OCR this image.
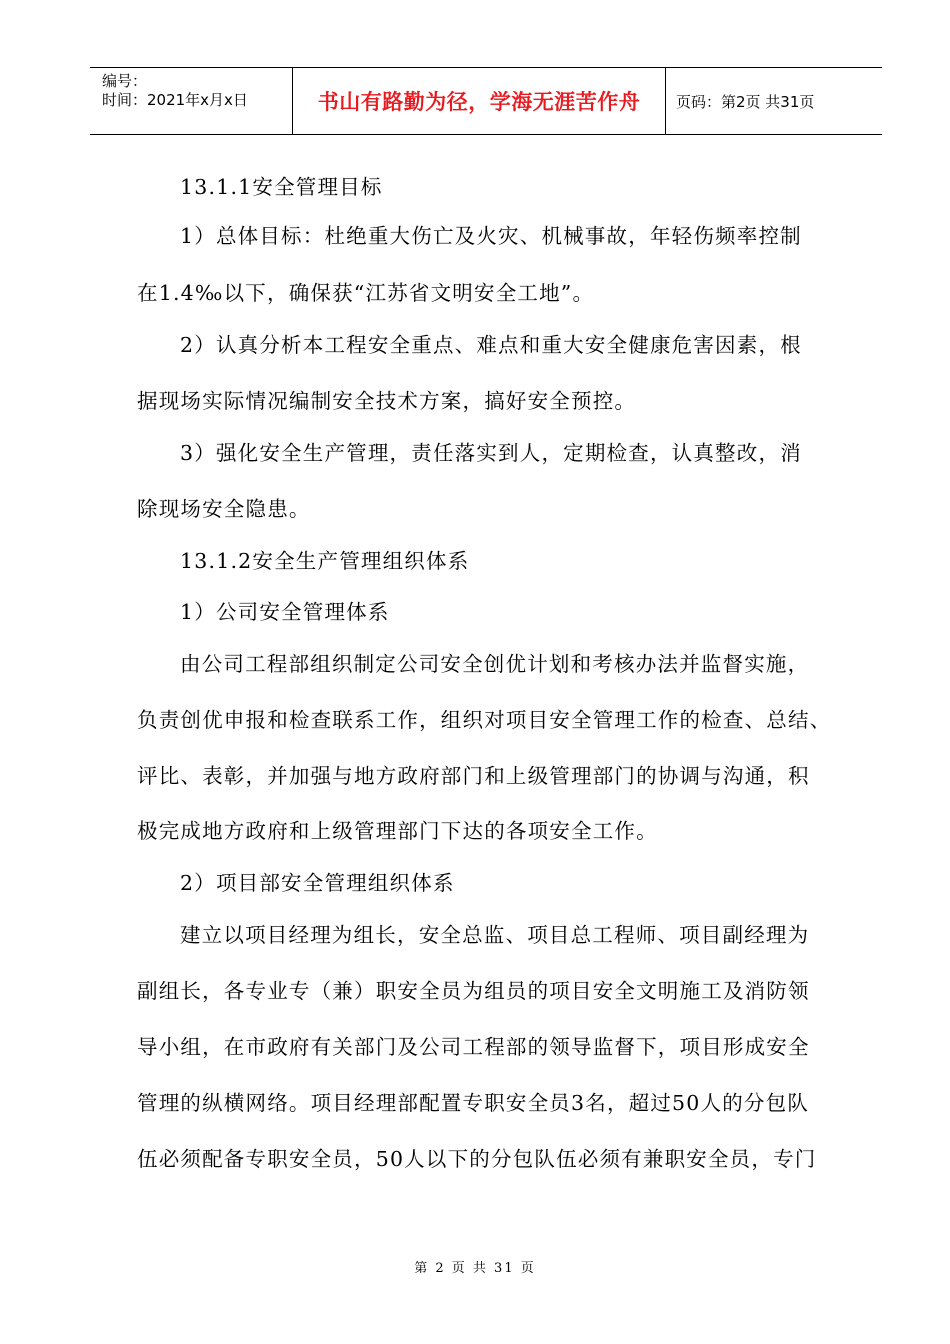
编号：
时间：2021年x月x日	书山有路勤为径，学海无涯苦作舟 页码：第2页 共31页
13.1.1安全管理目标
1）总体目标：杜绝重大伤亡及火灾、机械事故，年轻伤频率控制
在1.4‰以下，确保获“江苏省文明安全工地”。
2）认真分析本工程安全重点、难点和重大安全健康危害因素，根
据现场实际情况编制安全技术方案，搞好安全预控。
3）强化安全生产管理，责任落实到人，定期检查，认真整改，消
除现场安全隐患。
13.1.2安全生产管理组织体系
1）公司安全管理体系
由公司工程部组织制定公司安全创优计划和考核办法并监督实施，
负责创优申报和检查联系工作，组织对项目安全管理工作的检查、总结、
评比、表彰，并加强与地方政府部门和上级管理部门的协调与沟通，积
极完成地方政府和上级管理部门下达的各项安全工作。
2）项目部安全管理组织体系
建立以项目经理为组长，安全总监、项目总工程师、项目副经理为
副组长，各专业专（兼）职安全员为组员的项目安全文明施工及消防领
导小组，在市政府有关部门及公司工程部的领导监督下，项目形成安全
管理的纵横网络。项目经理部配置专职安全员3名，超过50人的分包队
伍必须配备专职安全员，50人以下的分包队伍必须有兼职安全员，专门
第 2 页 共 31 页
